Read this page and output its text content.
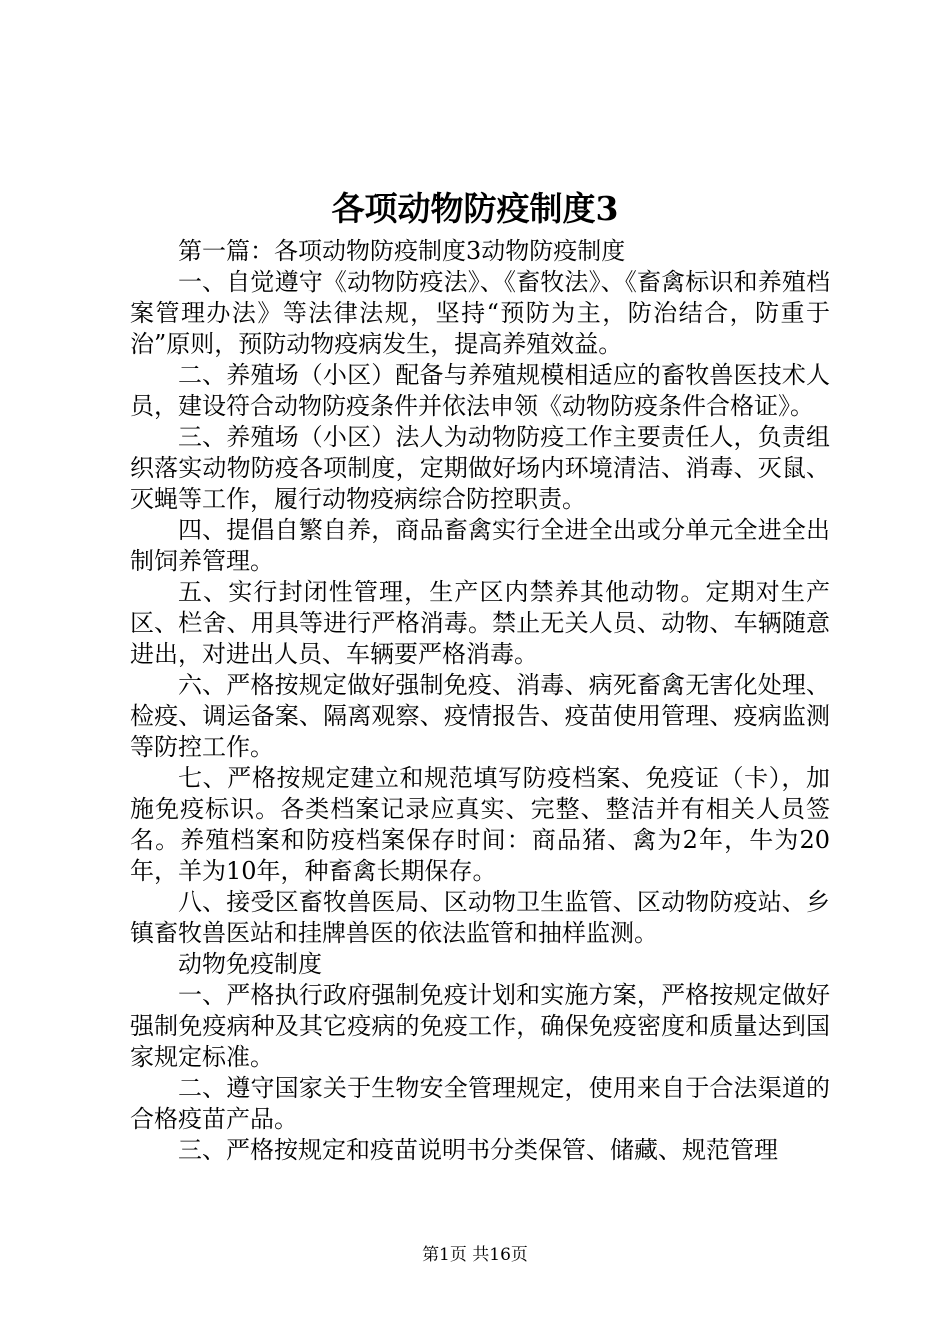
各项动物防疫制度3

第一篇：各项动物防疫制度3动物防疫制度

一、自觉遵守《动物防疫法》、《畜牧法》、《畜禽标识和养殖档案管理办法》等法律法规，坚持“预防为主，防治结合，防重于治”原则，预防动物疫病发生，提高养殖效益。

二、养殖场（小区）配备与养殖规模相适应的畜牧兽医技术人员，建设符合动物防疫条件并依法申领《动物防疫条件合格证》。

三、养殖场（小区）法人为动物防疫工作主要责任人，负责组织落实动物防疫各项制度，定期做好场内环境清洁、消毒、灭鼠、灭蝇等工作，履行动物疫病综合防控职责。

四、提倡自繁自养，商品畜禽实行全进全出或分单元全进全出制饲养管理。

五、实行封闭性管理，生产区内禁养其他动物。定期对生产区、栏舍、用具等进行严格消毒。禁止无关人员、动物、车辆随意进出，对进出人员、车辆要严格消毒。

六、严格按规定做好强制免疫、消毒、病死畜禽无害化处理、检疫、调运备案、隔离观察、疫情报告、疫苗使用管理、疫病监测等防控工作。

七、严格按规定建立和规范填写防疫档案、免疫证（卡），加施免疫标识。各类档案记录应真实、完整、整洁并有相关人员签名。养殖档案和防疫档案保存时间：商品猪、禽为2年，牛为20年，羊为10年，种畜禽长期保存。

八、接受区畜牧兽医局、区动物卫生监管、区动物防疫站、乡镇畜牧兽医站和挂牌兽医的依法监管和抽样监测。

动物免疫制度

一、严格执行政府强制免疫计划和实施方案，严格按规定做好强制免疫病种及其它疫病的免疫工作，确保免疫密度和质量达到国家规定标准。

二、遵守国家关于生物安全管理规定，使用来自于合法渠道的合格疫苗产品。

三、严格按规定和疫苗说明书分类保管、储藏、规范管理

第1页 共16页
